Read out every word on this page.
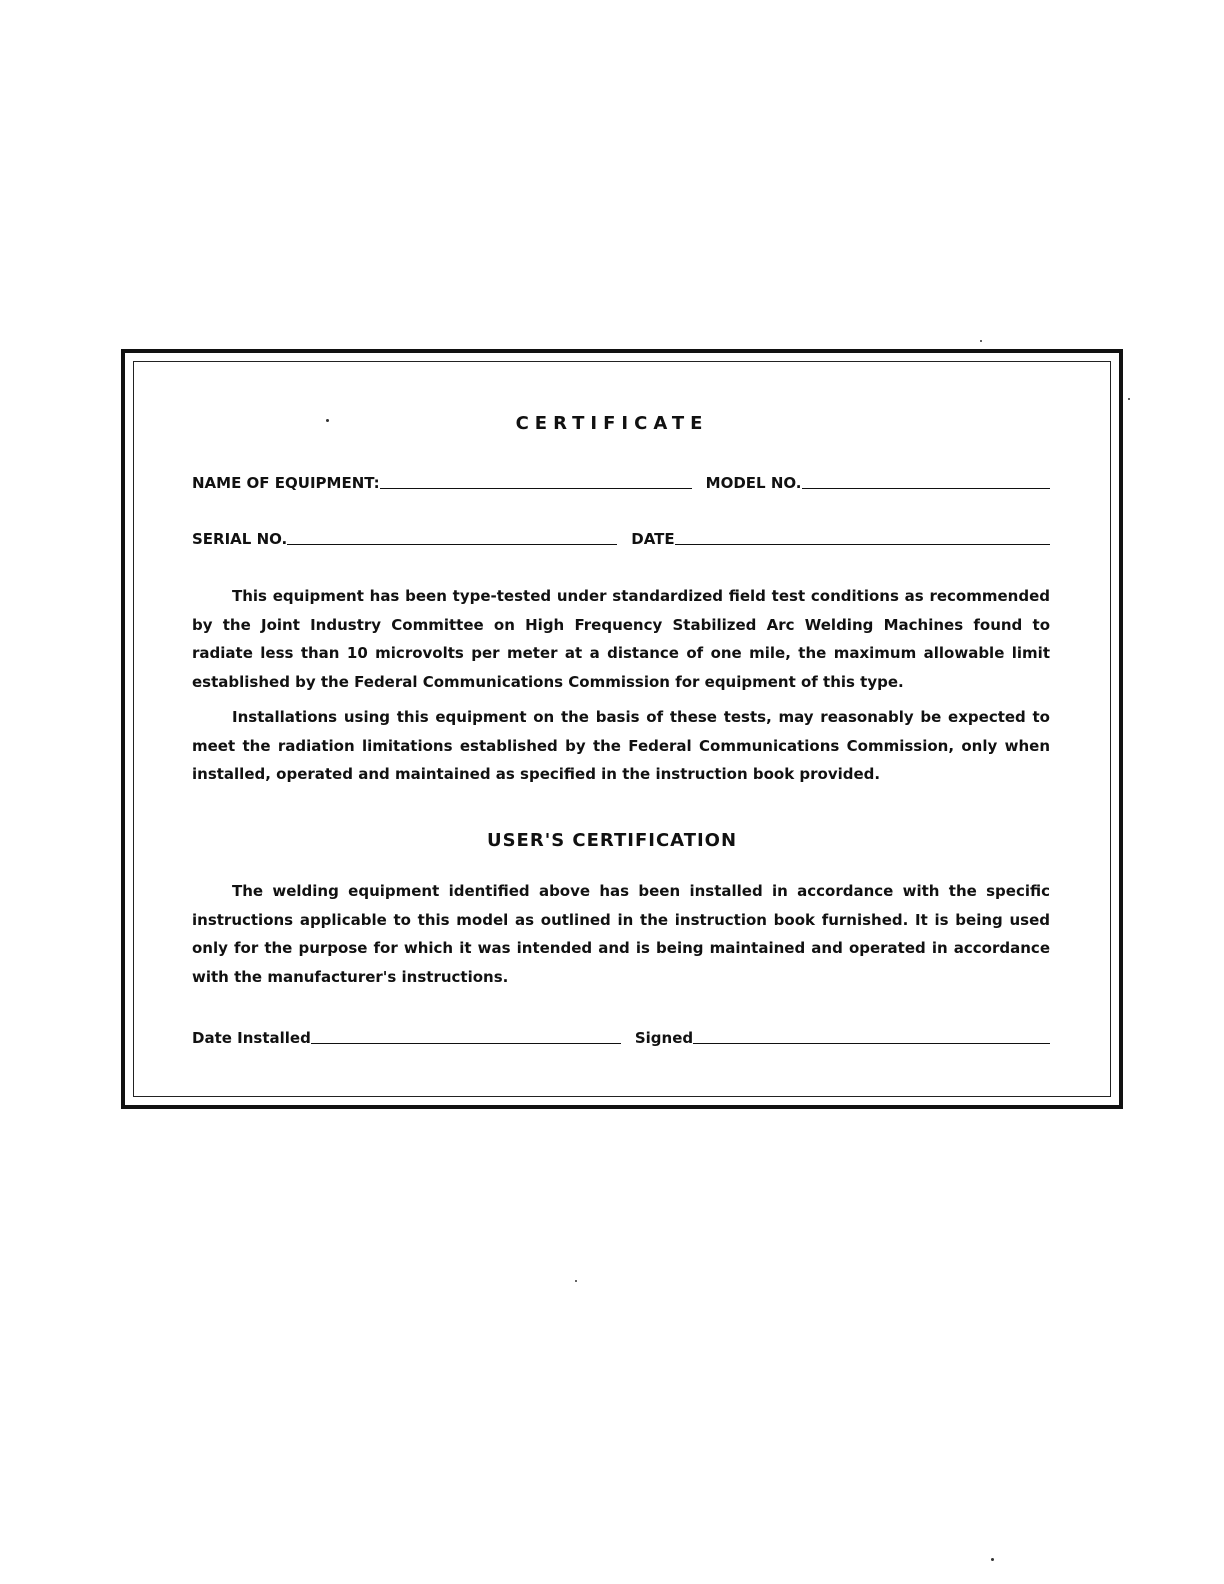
CERTIFICATE
NAME OF EQUIPMENT:	MODEL NO.
SERIAL NO.	DATE

This equipment has been type-tested under standardized field test conditions as recommended by the Joint Industry Committee on High Frequency Stabilized Arc Welding Machines found to radiate less than 10 microvolts per meter at a distance of one mile, the maximum allowable limit established by the Federal Communications Commission for equipment of this type.

Installations using this equipment on the basis of these tests, may reasonably be expected to meet the radiation limitations established by the Federal Communications Commission, only when installed, operated and maintained as specified in the instruction book provided.

USER'S CERTIFICATION

The welding equipment identified above has been installed in accordance with the specific instructions applicable to this model as outlined in the instruction book furnished. It is being used only for the purpose for which it was intended and is being maintained and operated in accordance with the manufacturer's instructions.

Date Installed	Signed
